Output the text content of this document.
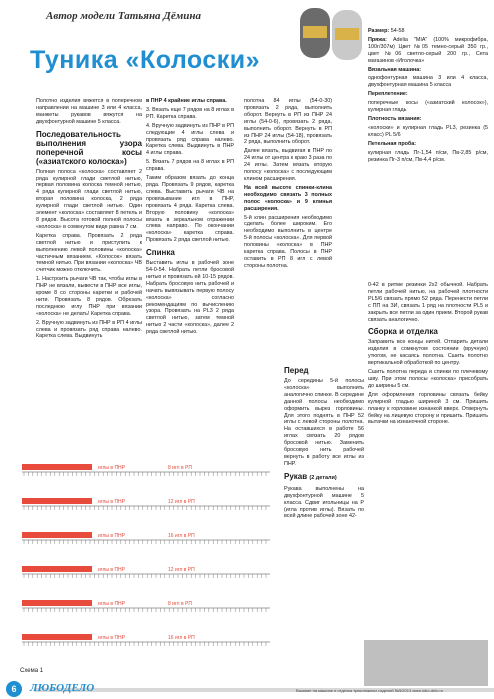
Автор модели Татьяна Дёмина
Туника «Колоски»

Полотно изделия вяжется в поперечном направлении на машине 3 или 4 класса, манжеты рукавов вяжутся на двухфонтурной машине 5 класса.

Последовательность выполнения узора поперечной косы («азиатского колоска»)

Полная полоса «колоска» составляет 2 ряда кулирной глади светлой нитью, первая половина колоска темной нитью, 4 ряда кулирной глади светлой нитью, вторая половина колоска, 2 ряда кулирной глади светлой нитью. Один элемент «колоска» составляет 8 петель и 8 рядов. Высота готовой полной полосы «колоска» в сомкнутом виде равна 7 см.

Каретка справа. Провязать 2 ряда светлой нитью и приступить к выполнению левой половины «колоска» частичным вязанием. «Колосок» вязать темной нитью. При вязании «колоска» ЧВ счетчик можно отключить.

1. Настроить рычаги ЧВ так, чтобы иглы в ПНР не вязали, вывести в ПНР все иглы, кроме 8 со стороны каретки и рабочей нити. Провязать 8 рядов. Обрезать последнюю иглу ПНР при вязании «колоска» не делать! Каретка справа.

2. Вручную задвинуть из ПНР в РП 4 иглы слева и провязать ряд справа налево. Каретка слева. Выдвинуть

в ПНР 4 крайние иглы справа.

3. Вязать еще 7 рядов на 8 иглах в РП. Каретка справа.

4. Вручную задвинуть из ПНР в РП следующие 4 иглы слева и провязать ряд справа налево. Каретка слева. Выдвинуть в ПНР 4 иглы справа.

5. Вязать 7 рядов на 8 иглах в РП справа.

Таким образом вязать до конца ряда. Провязать 9 рядов, каретка слева. Выставить рычаги ЧВ на провязывание игл в ПНР, провязать 4 ряда. Каретка слева. Вторую половину «колоска» вязать в зеркальном отражении слева направо. По окончании «колоска» каретка справа. Провязать 2 ряда светлой нитью.

Спинка

Выставить иглы в рабочей зоне 54-0-54. Набрать петли бросовой нитью и провязать ей 10-15 рядов. Набрать бросовую нить рабочей и начать вывязывать первую полосу «колоска» согласно рекомендациям по вычислению узора. Провязать на PL3 2 ряда светлой нитью, затем темной нитью 2 части «колоска», далее 2 ряда светлой нитью.

полотна 84 иглы (54-0-30) провязать 2 ряда, выполнить оборот. Вернуть в РП из ПНР 24 иглы (54-0-6), провязать 2 ряда, выполнить оборот. Вернуть в РП из ПНР 24 иглы (54-18), провязать 2 ряда, выполнить оборот.

Далее вязать, выдвигая в ПНР по 24 иглы от центра к краю 3 раза по 24 иглы. Затем вязать вторую полосу «колоска» с последующим клином расширения.

На всей высоте спинки-клина необходимо связать 3 полных полос «колоска» и 9 клинья расширения.

5-й клин расширения необходимо сделать более широким. Его необходимо выполнить в центре 5-й полосы «колоска». Для первой половины «колоска» в ПНР каретка справа. Полосы в ПНР оставить в РП 8 игл с левой стороны полотна.

Перед

До середины 5-й полосы «колоска» выполнить аналогично спинке. В середине данной полосы необходимо оформить вырез горловины. Для этого поднять в ПНР 52 иглы с левой стороны полотна. На оставшихся в работе 56 иглах связать 20 рядов бросовой нитью. Заменить бросовую нить рабочей вернуть в работу все иглы из ПНР.

Рукав (2 детали)

Рукава выполнены на двухфонтурной машине 5 класса. Сдвиг игольницы на Р (игла против иглы). Вязать по всей длине рабочей зоне 42-

Размер: 54-58

Пряжа: Adelia "MIA" (100% микрофибра, 100г/307м) Цвет №05 темно-серый 350 гр., цвет №06 светло-серый 200 гр., Сета магазинов «Иголочка»

Вязальная машина:

однофонтурная машина 3 или 4 класса, двухфонтурная машина 5 класса

Переплетение:

поперечные косы («азиатский колосок»), кулирная гладь

Плотность вязания:

«колоски» и кулирная гладь PL3, резинка (5 класс) PL 5/6

Петельная проба:

кулирная гладь Пг-1,54 п/см, Пв-2,85 р/см, резинка Пг-3 п/см, Пв-4,4 р/см.

0-42 в ритме резинки 2x2 обычной. Набрать петли рабочей нитью, на рабочей плотности PL5/6 связать прямо 52 ряда. Перенести петли с ПП на ЗИ, связать 1 ряд на плотности PL5 и закрыть все петли за один прием. Второй рукав связать аналогично.

Сборка и отделка

Заправить все концы нитей. Отпарить детали изделия в сомкнутом состоянии (вручную) утюгом, не касаясь полотна. Сшить полотно вертикальной обработкой по центру.

Сшить полотна переда и спинки по плечевому шву. При этом полосы «колоска» присобрать до ширины 5 см.

Для оформления горловины связать бейку кулирной гладью шириной 3 см. Пришить планку к горловине изнанкой вверх. Отвернуть бейку на лицевую сторону и пришить. Пришить вытачки на изнаночной стороне.

иглы в ПНР	8 игл в РП
иглы в ПНР	12 игл в РП
иглы в ПНР	16 игл в РП
иглы в ПНР	12 игл в РП
иглы в ПНР	8 игл в РП
иглы в ПНР	16 игл в РП
Схема 1
6	ЛЮБОДЕЛО	Вязание на машине и отделка трикотажных изделий №5/2013 www.lubo-delo.ru
